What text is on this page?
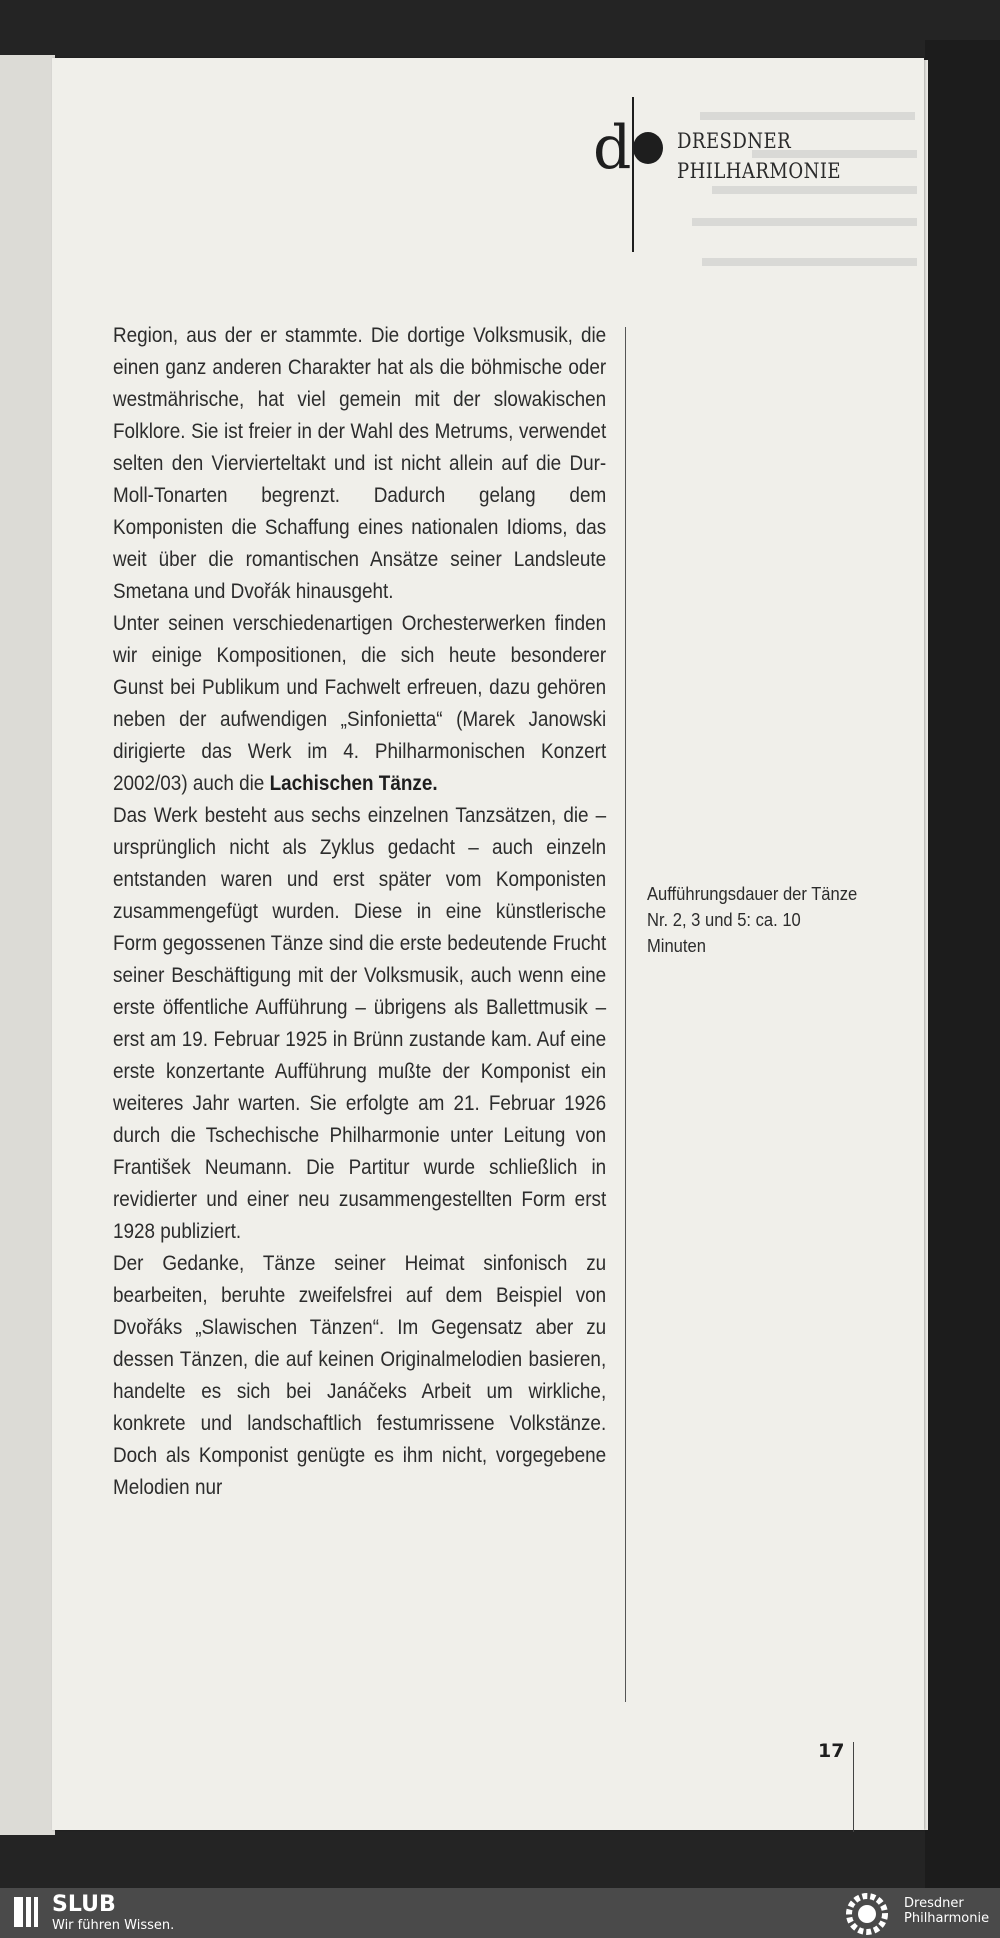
d DRESDNER
PHILHARMONIE

Region, aus der er stammte. Die dortige Volksmusik, die einen ganz anderen Charakter hat als die böhmische oder westmährische, hat viel gemein mit der slowakischen Folklore. Sie ist freier in der Wahl des Metrums, verwendet selten den Viervierteltakt und ist nicht allein auf die Dur-Moll-Tonarten begrenzt. Dadurch gelang dem Komponisten die Schaffung eines nationalen Idioms, das weit über die romantischen Ansätze seiner Landsleute Smetana und Dvořák hinausgeht.

Unter seinen verschiedenartigen Orchesterwerken finden wir einige Kompositionen, die sich heute besonderer Gunst bei Publikum und Fachwelt erfreuen, dazu gehören neben der aufwendigen „Sinfonietta“ (Marek Janowski dirigierte das Werk im 4. Philharmonischen Konzert 2002/03) auch die Lachischen Tänze.

Das Werk besteht aus sechs einzelnen Tanzsätzen, die – ursprünglich nicht als Zyklus gedacht – auch einzeln entstanden waren und erst später vom Komponisten zusammengefügt wurden. Diese in eine künstlerische Form gegossenen Tänze sind die erste bedeutende Frucht seiner Beschäftigung mit der Volksmusik, auch wenn eine erste öffentliche Aufführung – übrigens als Ballettmusik – erst am 19. Februar 1925 in Brünn zustande kam. Auf eine erste konzertante Aufführung mußte der Komponist ein weiteres Jahr warten. Sie erfolgte am 21. Februar 1926 durch die Tschechische Philharmonie unter Leitung von František Neumann. Die Partitur wurde schließlich in revidierter und einer neu zusammengestellten Form erst 1928 publiziert.

Der Gedanke, Tänze seiner Heimat sinfonisch zu bearbeiten, beruhte zweifelsfrei auf dem Beispiel von Dvořáks „Slawischen Tänzen“. Im Gegensatz aber zu dessen Tänzen, die auf keinen Originalmelodien basieren, handelte es sich bei Janáčeks Arbeit um wirkliche, konkrete und landschaftlich festumrissene Volkstänze. Doch als Komponist genügte es ihm nicht, vorgegebene Melodien nur

Aufführungsdauer der Tänze Nr. 2, 3 und 5: ca. 10 Minuten
17
SLUB
Wir führen Wissen.
Dresdner
Philharmonie
